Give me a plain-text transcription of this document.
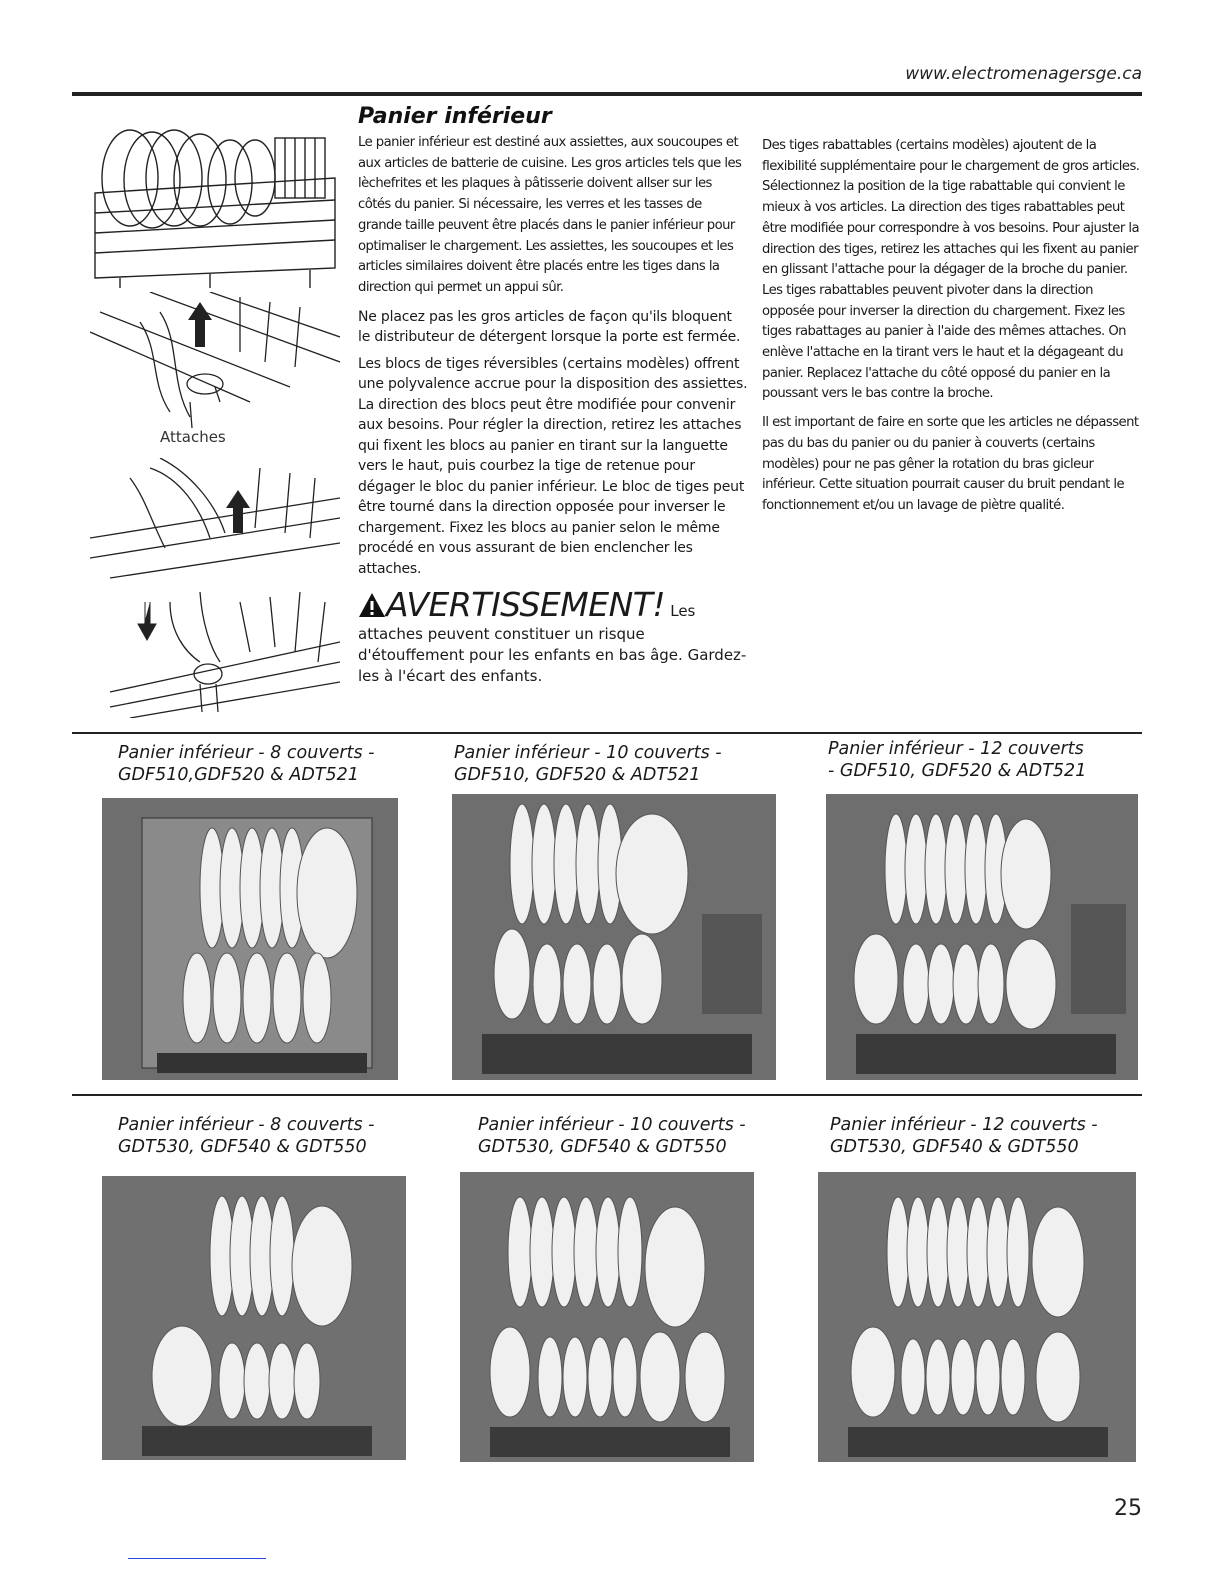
www.electromenagersge.ca
Attaches
Panier inférieur

Le panier inférieur est destiné aux assiettes, aux soucoupes et aux articles de batterie de cuisine. Les gros articles tels que les lèchefrites et les plaques à pâtisserie doivent allser sur les côtés du panier. Si nécessaire, les verres et les tasses de grande taille peuvent être placés dans le panier inférieur pour optimaliser le chargement. Les assiettes, les soucoupes et les articles similaires doivent être placés entre les tiges dans la direction qui permet un appui sûr.

Ne placez pas les gros articles de façon qu'ils bloquent le distributeur de détergent lorsque la porte est fermée.

Les blocs de tiges réversibles (certains modèles) offrent une polyvalence accrue pour la disposition des assiettes. La direction des blocs peut être modifiée pour convenir aux besoins. Pour régler la direction, retirez les attaches qui fixent les blocs au panier en tirant sur la languette vers le haut, puis courbez la tige de retenue pour dégager le bloc du panier inférieur. Le bloc de tiges peut être tourné dans la direction opposée pour inverser le chargement. Fixez les blocs au panier selon le même procédé en vous assurant de bien enclencher les attaches.

AVERTISSEMENT! Les

attaches peuvent constituer un risque d'étouffement pour les enfants en bas âge. Gardez-les à l'écart des enfants.

Des tiges rabattables (certains modèles) ajoutent de la flexibilité supplémentaire pour le chargement de gros articles. Sélectionnez la position de la tige rabattable qui convient le mieux à vos articles. La direction des tiges rabattables peut être modifiée pour correspondre à vos besoins. Pour ajuster la direction des tiges, retirez les attaches qui les fixent au panier en glissant l'attache pour la dégager de la broche du panier. Les tiges rabattables peuvent pivoter dans la direction opposée pour inverser la direction du chargement. Fixez les tiges rabattages au panier à l'aide des mêmes attaches. On enlève l'attache en la tirant vers le haut et la dégageant du panier. Replacez l'attache du côté opposé du panier en la poussant vers le bas contre la broche.

Il est important de faire en sorte que les articles ne dépassent pas du bas du panier ou du panier à couverts (certains modèles) pour ne pas gêner la rotation du bras gicleur inférieur. Cette situation pourrait causer du bruit pendant le fonctionnement et/ou un lavage de piètre qualité.

Panier inférieur - 8 couverts -
GDF510,GDF520 & ADT521
Panier inférieur - 10 couverts -
GDF510, GDF520 & ADT521
Panier inférieur - 12 couverts
- GDF510, GDF520 & ADT521
Panier inférieur - 8 couverts -
GDT530, GDF540 & GDT550
Panier inférieur - 10 couverts -
GDT530, GDF540 & GDT550
Panier inférieur - 12 couverts -
GDT530, GDF540 & GDT550
25
